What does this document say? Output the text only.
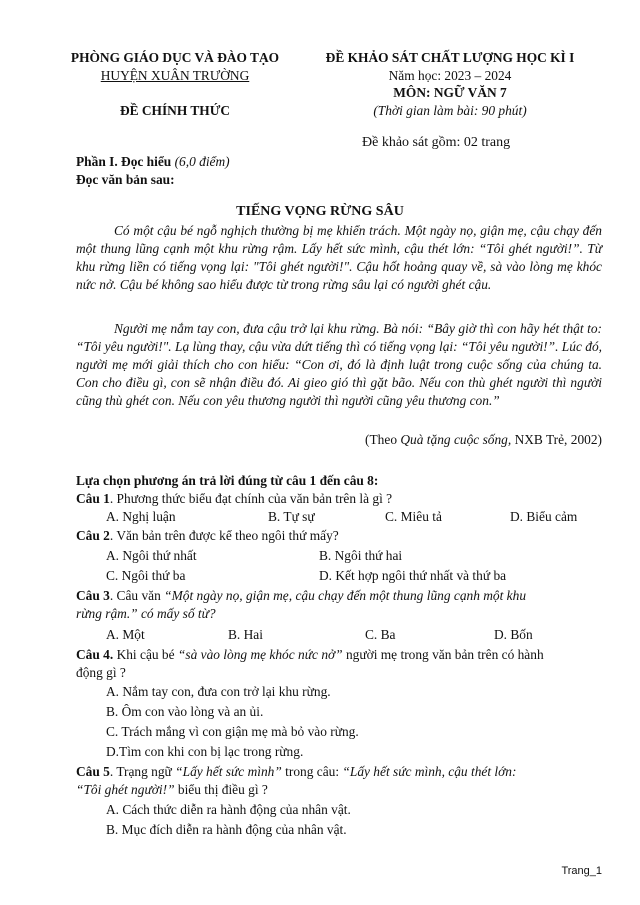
PHÒNG GIÁO DỤC VÀ ĐÀO TẠO
HUYỆN XUÂN TRƯỜNG
ĐỀ CHÍNH THỨC
ĐỀ KHẢO SÁT CHẤT LƯỢNG HỌC KÌ I
Năm học: 2023 – 2024
MÔN: NGỮ VĂN 7
(Thời gian làm bài: 90 phút)
Đề khảo sát gồm: 02 trang
Phần I. Đọc hiểu (6,0 điểm)
Đọc văn bản sau:
TIẾNG VỌNG RỪNG SÂU
Có một cậu bé ngỗ nghịch thường bị mẹ khiển trách. Một ngày nọ, giận mẹ, cậu chạy đến một thung lũng cạnh một khu rừng rậm. Lấy hết sức mình, cậu thét lớn: “Tôi ghét người!”. Từ khu rừng liền có tiếng vọng lại: "Tôi ghét người!". Cậu hốt hoảng quay về, sà vào lòng mẹ khóc nức nở. Cậu bé không sao hiểu được từ trong rừng sâu lại có người ghét cậu.
Người mẹ nắm tay con, đưa cậu trở lại khu rừng. Bà nói: “Bây giờ thì con hãy hét thật to: “Tôi yêu người!". Lạ lùng thay, cậu vừa dứt tiếng thì có tiếng vọng lại: “Tôi yêu người!”. Lúc đó, người mẹ mới giải thích cho con hiểu: “Con ơi, đó là định luật trong cuộc sống của chúng ta. Con cho điều gì, con sẽ nhận điều đó. Ai gieo gió thì gặt bão. Nếu con thù ghét người thì người cũng thù ghét con. Nếu con yêu thương người thì người cũng yêu thương con.”
(Theo Quà tặng cuộc sống, NXB Trẻ, 2002)
Lựa chọn phương án trả lời đúng từ câu 1 đến câu 8:
Câu 1. Phương thức biểu đạt chính của văn bản trên là gì ?
A. Nghị luận	B. Tự sự	C. Miêu tả	D. Biểu cảm
Câu 2. Văn bản trên được kể theo ngôi thứ mấy?
A. Ngôi thứ nhất	B. Ngôi thứ hai
C. Ngôi thứ ba	D. Kết hợp ngôi thứ nhất và thứ ba
Câu 3. Câu văn “Một ngày nọ, giận mẹ, cậu chạy đến một thung lũng cạnh một khu
rừng rậm.” có mấy số từ?
A. Một	B. Hai	C. Ba	D. Bốn
Câu 4. Khi cậu bé “sà vào lòng mẹ khóc nức nở” người mẹ trong văn bản trên có hành
động gì ?
A. Nắm tay con, đưa con trở lại khu rừng.
B. Ôm con vào lòng và an ủi.
C. Trách mắng vì con giận mẹ mà bỏ vào rừng.
D.Tìm con khi con bị lạc trong rừng.
Câu 5. Trạng ngữ “Lấy hết sức mình” trong câu: “Lấy hết sức mình, cậu thét lớn:
“Tôi ghét người!” biểu thị điều gì ?
A. Cách thức diễn ra hành động của nhân vật.
B. Mục đích diễn ra hành động của nhân vật.
Trang_1
